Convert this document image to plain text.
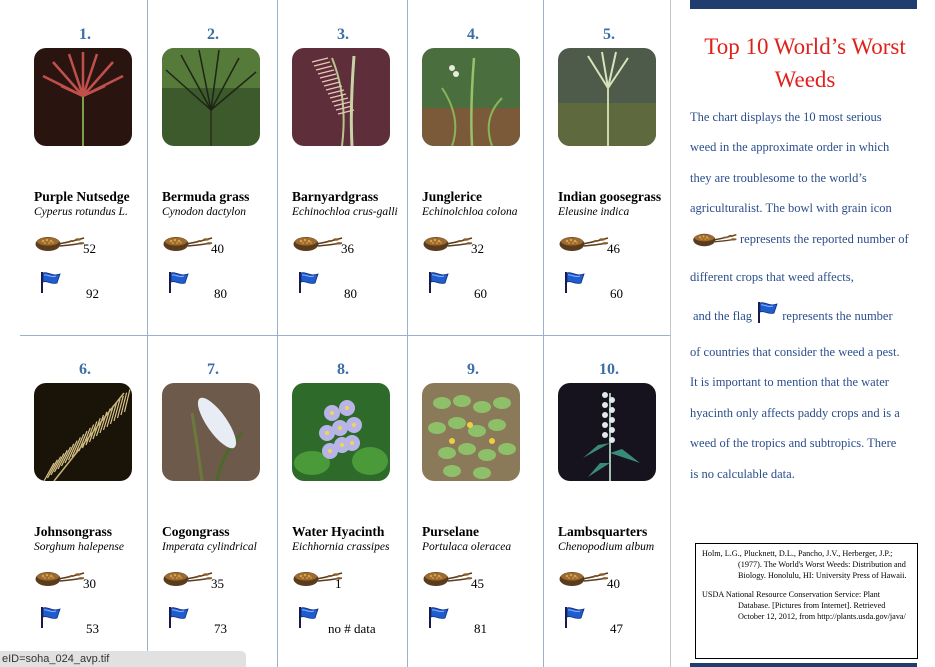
1.
Purple Nutsedge
Cyperus rotundus L.
52
92
2.
Bermuda grass
Cynodon dactylon
40
80
3.
Barnyardgrass
Echinochloa crus-galli
36
80
4.
Junglerice
Echinolchloa colona
32
60
5.
Indian goosegrass
Eleusine indica
46
60
6.
Johnsongrass
Sorghum halepense
30
53
7.
Cogongrass
Imperata cylindrical
35
73
8.
Water Hyacinth
Eichhornia crassipes
1
no # data
9.
Purselane
Portulaca oleracea
45
81
10.
Lambsquarters
Chenopodium album
40
47
Top 10 World’s Worst Weeds
The chart displays the 10 most serious
weed in the approximate order in which
they are troublesome to the world’s
agriculturalist. The bowl with grain icon
represents the reported number of
different crops that weed affects,
and the flag represents the number
of countries that consider the weed a pest.
It is important to mention that the water
hyacinth only affects paddy crops and is a
weed of the tropics and subtropics. There
is no calculable data.
Holm, L.G., Plucknett, D.L., Pancho, J.V., Herberger, J.P.; (1977). The World's Worst Weeds: Distribution and Biology. Honolulu, HI: University Press of Hawaii.
USDA National Resource Conservation Service: Plant Database. [Pictures from Internet]. Retrieved October 12, 2012, from http://plants.usda.gov/java/
eID=soha_024_avp.tif
